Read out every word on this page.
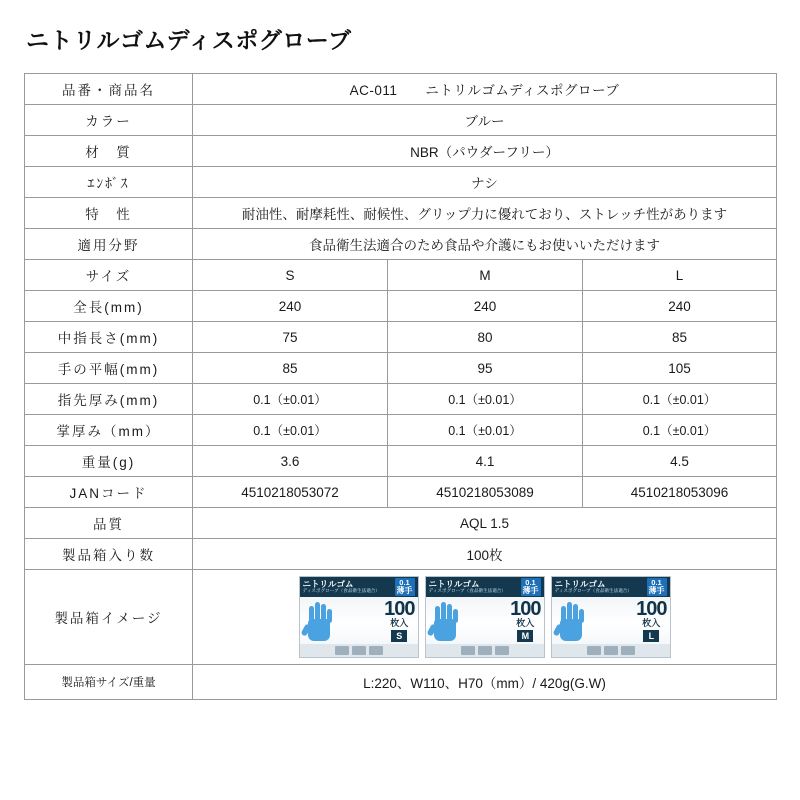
ニトリルゴムディスポグローブ
品番・商品名	AC-011　　ニトリルゴムディスポグローブ		
カラー	ブルー		
材　質	NBR（パウダーフリー）		
ｴﾝﾎﾞｽ	ナシ		
特　性	耐油性、耐摩耗性、耐候性、グリップ力に優れており、ストレッチ性があります		
適用分野	食品衛生法適合のため食品や介護にもお使いいただけます		
サイズ	S	M	L
全長(mm)	240	240	240
中指長さ(mm)	75	80	85
手の平幅(mm)	85	95	105
指先厚み(mm)	0.1（±0.01）	0.1（±0.01）	0.1（±0.01）
掌厚み（mm）	0.1（±0.01）	0.1（±0.01）	0.1（±0.01）
重量(g)	3.6	4.1	4.5
JANコード	4510218053072	4510218053089	4510218053096
品質	AQL 1.5		
製品箱入り数	100枚		
製品箱イメージ	
ニトリルゴム
ディスポグローブ（食品衛生法適合）
0.1
薄手
100
枚入
S
ニトリルゴム
ディスポグローブ（食品衛生法適合）
0.1
薄手
100
枚入
M
ニトリルゴム
ディスポグローブ（食品衛生法適合）
0.1
薄手
100
枚入
L

製品箱サイズ/重量	L:220、W110、H70（mm）/ 420g(G.W)		
